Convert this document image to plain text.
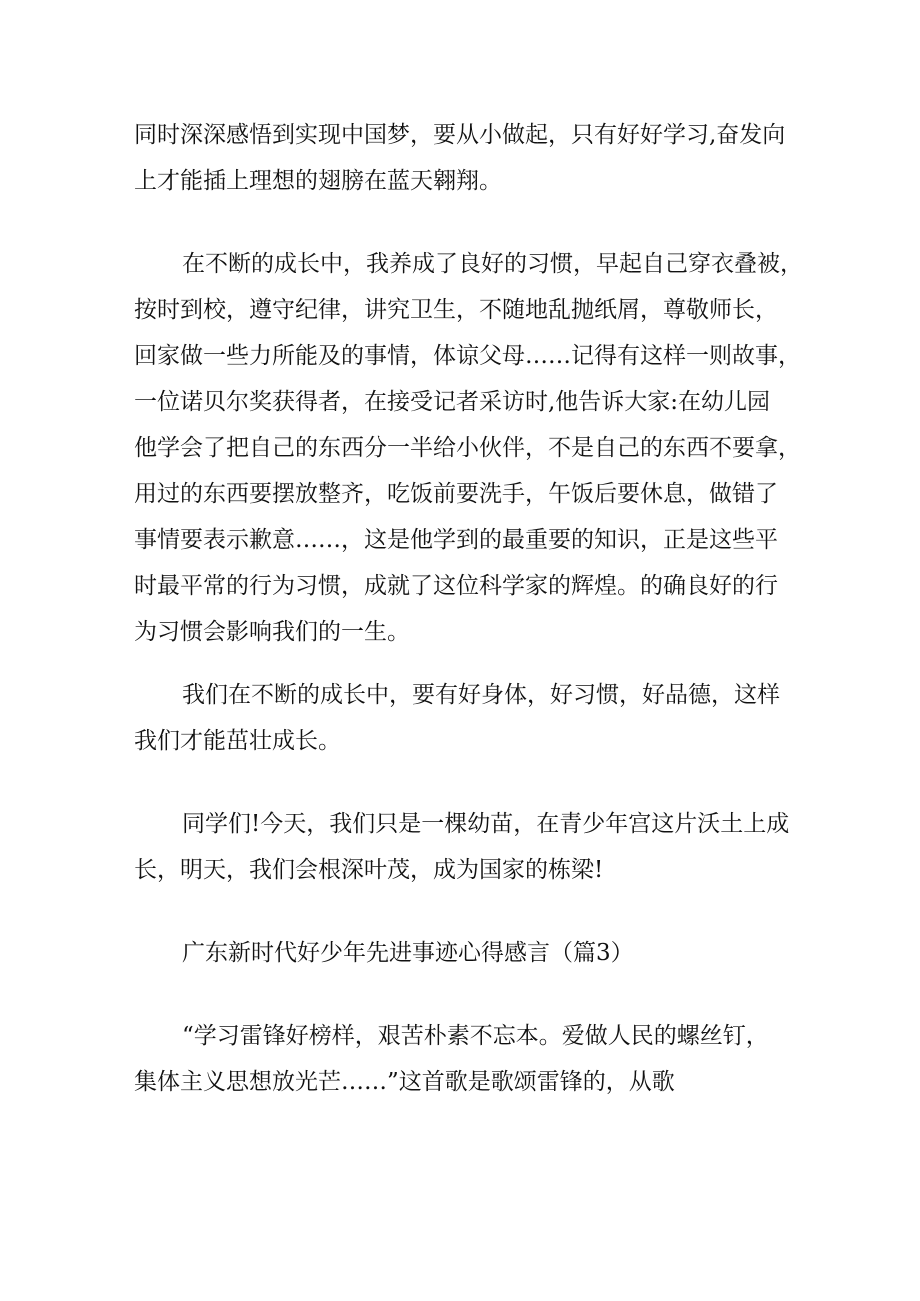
同时深深感悟到实现中国梦，要从小做起，只有好好学习,奋发向
上才能插上理想的翅膀在蓝天翱翔。
在不断的成长中，我养成了良好的习惯，早起自己穿衣叠被，
按时到校，遵守纪律，讲究卫生，不随地乱抛纸屑，尊敬师长，
回家做一些力所能及的事情，体谅父母……记得有这样一则故事，
一位诺贝尔奖获得者，在接受记者采访时,他告诉大家:在幼儿园
他学会了把自己的东西分一半给小伙伴，不是自己的东西不要拿，
用过的东西要摆放整齐，吃饭前要洗手，午饭后要休息，做错了
事情要表示歉意……，这是他学到的最重要的知识，正是这些平
时最平常的行为习惯，成就了这位科学家的辉煌。的确良好的行
为习惯会影响我们的一生。
我们在不断的成长中，要有好身体，好习惯，好品德，这样
我们才能茁壮成长。
同学们!今天，我们只是一棵幼苗，在青少年宫这片沃土上成
长，明天，我们会根深叶茂，成为国家的栋梁!
广东新时代好少年先进事迹心得感言（篇3）
“学习雷锋好榜样，艰苦朴素不忘本。爱做人民的螺丝钉，
集体主义思想放光芒……”这首歌是歌颂雷锋的，从歌
